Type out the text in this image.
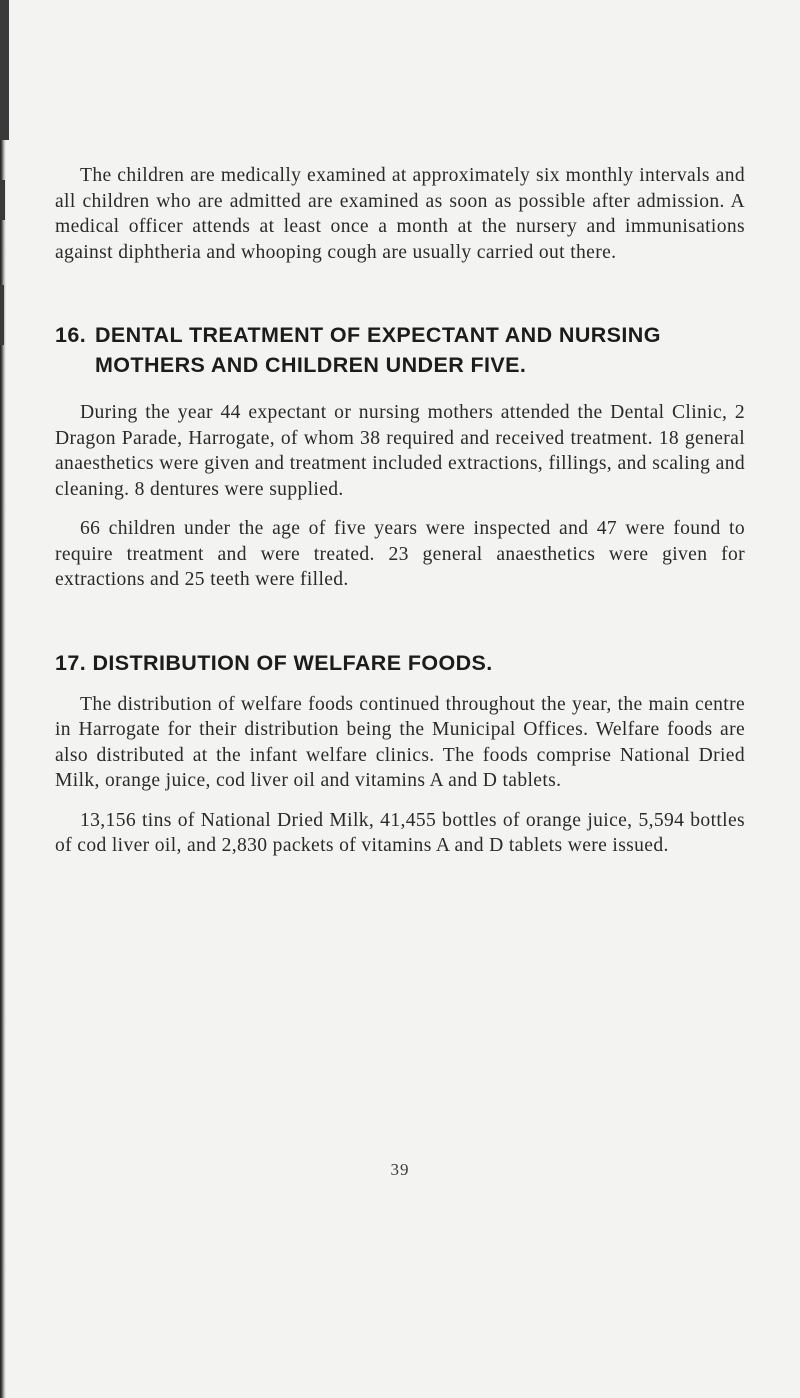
The children are medically examined at approximately six monthly intervals and all children who are admitted are examined as soon as possible after admission. A medical officer attends at least once a month at the nursery and immunisations against diphtheria and whooping cough are usually carried out there.

16. DENTAL TREATMENT OF EXPECTANT AND NURSING MOTHERS AND CHILDREN UNDER FIVE.

During the year 44 expectant or nursing mothers attended the Dental Clinic, 2 Dragon Parade, Harrogate, of whom 38 required and received treatment. 18 general anaesthetics were given and treatment included extractions, fillings, and scaling and cleaning. 8 dentures were supplied.

66 children under the age of five years were inspected and 47 were found to require treatment and were treated. 23 general anaesthetics were given for extractions and 25 teeth were filled.

17. DISTRIBUTION OF WELFARE FOODS.

The distribution of welfare foods continued throughout the year, the main centre in Harrogate for their distribution being the Municipal Offices. Welfare foods are also distributed at the infant welfare clinics. The foods comprise National Dried Milk, orange juice, cod liver oil and vitamins A and D tablets.

13,156 tins of National Dried Milk, 41,455 bottles of orange juice, 5,594 bottles of cod liver oil, and 2,830 packets of vitamins A and D tablets were issued.

39
